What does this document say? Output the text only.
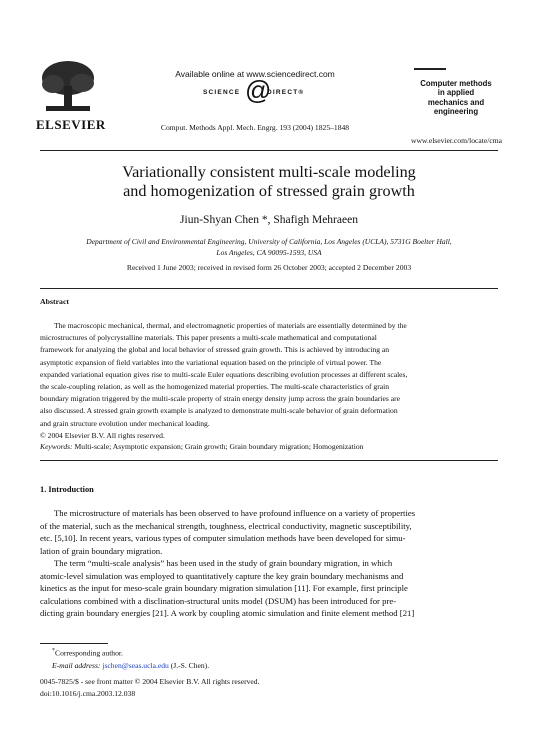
ELSEVIER
Available online at www.sciencedirect.com
SCIENCE @
DIRECT®
Comput. Methods Appl. Mech. Engrg. 193 (2004) 1825–1848
Computer methods
in applied
mechanics and
engineering
www.elsevier.com/locate/cma
Variationally consistent multi-scale modeling
and homogenization of stressed grain growth
Jiun-Shyan Chen *, Shafigh Mehraeen
Department of Civil and Environmental Engineering, University of California, Los Angeles (UCLA), 5731G Boelter Hall,
Los Angeles, CA 90095-1593, USA
Received 1 June 2003; received in revised form 26 October 2003; accepted 2 December 2003
Abstract
The macroscopic mechanical, thermal, and electromagnetic properties of materials are essentially determined by the
microstructures of polycrystalline materials. This paper presents a multi-scale mathematical and computational
framework for analyzing the global and local behavior of stressed grain growth. This is achieved by introducing an
asymptotic expansion of field variables into the variational equation based on the principle of virtual power. The
expanded variational equation gives rise to multi-scale Euler equations describing evolution processes at different scales,
the scale-coupling relation, as well as the homogenized material properties. The multi-scale characteristics of grain
boundary migration triggered by the multi-scale property of strain energy density jump across the grain boundaries are
also discussed. A stressed grain growth example is analyzed to demonstrate multi-scale behavior of grain deformation
and grain structure evolution under mechanical loading.
© 2004 Elsevier B.V. All rights reserved.
Keywords: Multi-scale; Asymptotic expansion; Grain growth; Grain boundary migration; Homogenization
1. Introduction
The microstructure of materials has been observed to have profound influence on a variety of properties
of the material, such as the mechanical strength, toughness, electrical conductivity, magnetic susceptibility,
etc. [5,10]. In recent years, various types of computer simulation methods have been developed for simu-
lation of grain boundary migration.
The term “multi-scale analysis” has been used in the study of grain boundary migration, in which
atomic-level simulation was employed to quantitatively capture the key grain boundary mechanisms and
kinetics as the input for meso-scale grain boundary migration simulation [11]. For example, first principle
calculations combined with a disclination-structural units model (DSUM) has been introduced for pre-
dicting grain boundary energies [21]. A work by coupling atomic simulation and finite element method [21]
*Corresponding author.
E-mail address: jschen@seas.ucla.edu (J.-S. Chen).
0045-7825/$ - see front matter © 2004 Elsevier B.V. All rights reserved.
doi:10.1016/j.cma.2003.12.038
